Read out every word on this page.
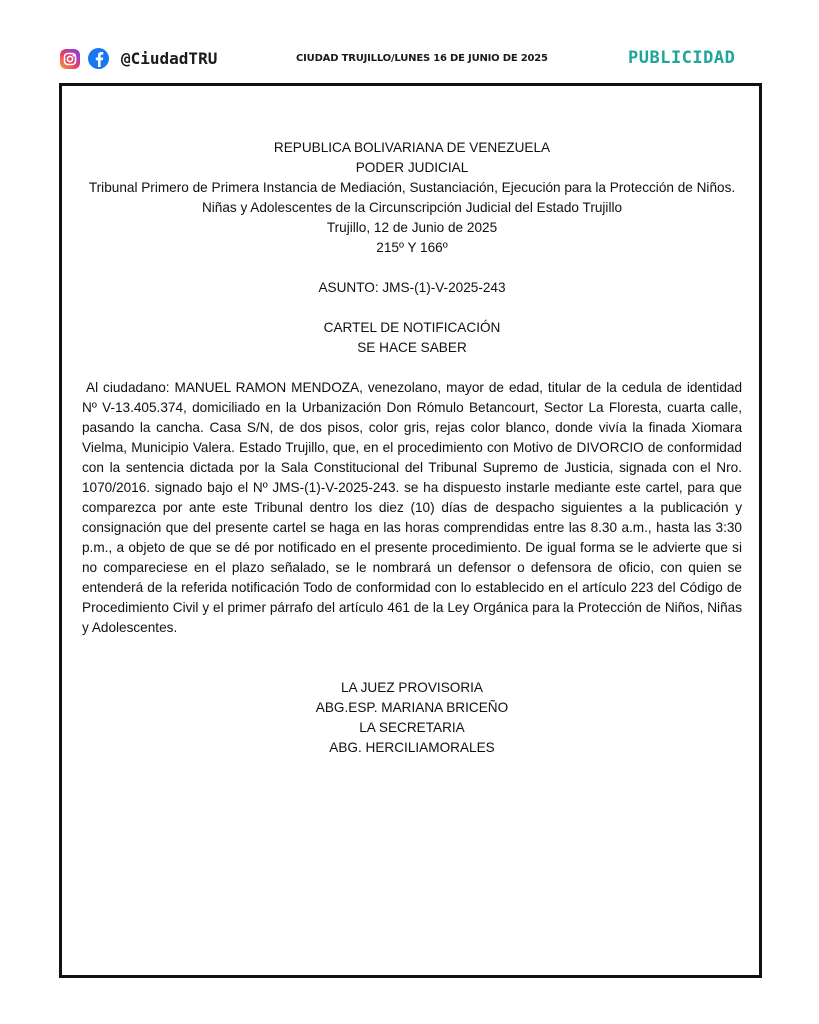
@CiudadTRU	CIUDAD TRUJILLO/LUNES 16 DE JUNIO DE 2025	PUBLICIDAD
REPUBLICA BOLIVARIANA DE VENEZUELA
PODER JUDICIAL
Tribunal Primero de Primera Instancia de Mediación, Sustanciación, Ejecución para la Protección de Niños. Niñas y Adolescentes de la Circunscripción Judicial del Estado Trujillo
Trujillo, 12 de Junio de 2025
215º Y 166º
ASUNTO: JMS-(1)-V-2025-243
CARTEL DE NOTIFICACIÓN
SE HACE SABER
Al ciudadano: MANUEL RAMON MENDOZA, venezolano, mayor de edad, titular de la cedula de identidad Nº V-13.405.374, domiciliado en la Urbanización Don Rómulo Betancourt, Sector La Floresta, cuarta calle, pasando la cancha. Casa S/N, de dos pisos, color gris, rejas color blanco, donde vivía la finada Xiomara Vielma, Municipio Valera. Estado Trujillo, que, en el procedimiento con Motivo de DIVORCIO de conformidad con la sentencia dictada por la Sala Constitucional del Tribunal Supremo de Justicia, signada con el Nro. 1070/2016. signado bajo el Nº JMS-(1)-V-2025-243. se ha dispuesto instarle mediante este cartel, para que comparezca por ante este Tribunal dentro los diez (10) días de despacho siguientes a la publicación y consignación que del presente cartel se haga en las horas comprendidas entre las 8.30 a.m., hasta las 3:30 p.m., a objeto de que se dé por notificado en el presente procedimiento. De igual forma se le advierte que si no compareciese en el plazo señalado, se le nombrará un defensor o defensora de oficio, con quien se entenderá de la referida notificación Todo de conformidad con lo establecido en el artículo 223 del Código de Procedimiento Civil y el primer párrafo del artículo 461 de la Ley Orgánica para la Protección de Niños, Niñas y Adolescentes.
LA JUEZ PROVISORIA
ABG.ESP. MARIANA BRICEÑO
LA SECRETARIA
ABG. HERCILIAMORALES
